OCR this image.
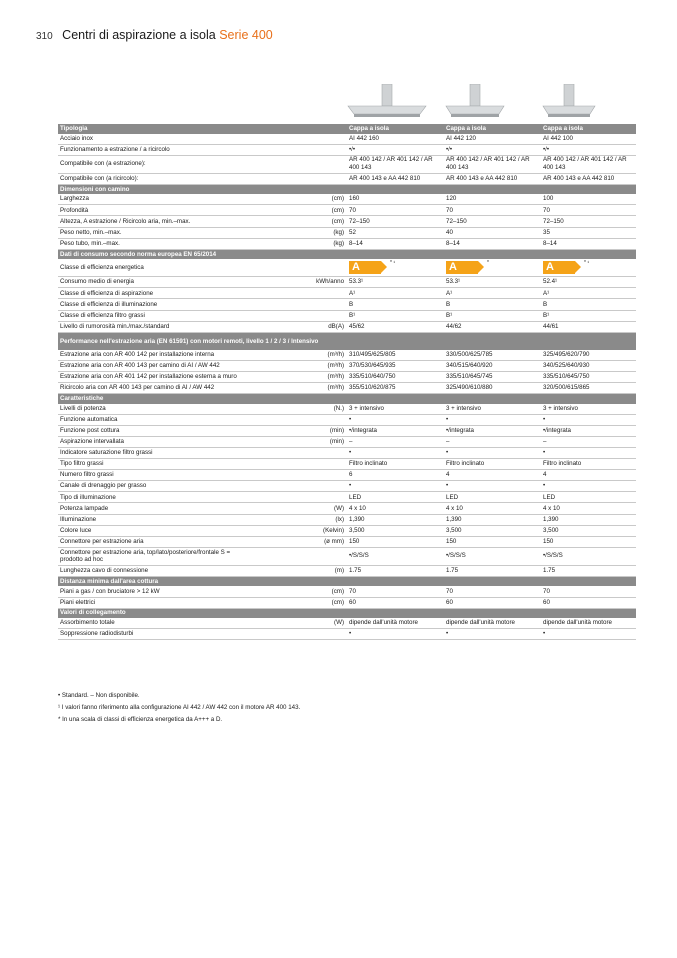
310 Centri di aspirazione a isola Serie 400
Tipologia		Cappa a isola	Cappa a isola	Cappa a isola
Acciaio inox		AI 442 160	AI 442 120	AI 442 100
Funzionamento a estrazione / a ricircolo		•/•	•/•	•/•
Compatibile con (a estrazione):		AR 400 142 / AR 401 142 / AR 400 143	AR 400 142 / AR 401 142 / AR 400 143	AR 400 142 / AR 401 142 / AR 400 143
Compatibile con (a ricircolo):		AR 400 143 e AA 442 810	AR 400 143 e AA 442 810	AR 400 143 e AA 442 810
Dimensioni con camino				
Larghezza	(cm)	160	120	100
Profondità	(cm)	70	70	70
Altezza, A estrazione / Ricircolo aria, min.–max.	(cm)	72–150	72–150	72–150
Peso netto, min.–max.	(kg)	52	40	35
Peso tubo, min.–max.	(kg)	8–14	8–14	8–14
Dati di consumo secondo norma europea EN 65/2014				
Classe di efficienza energetica		A $^{* ^1}$	A *	A $^{* ^1}$
Consumo medio di energia	kWh/anno	53.3¹	53.3¹	52.4¹
Classe di efficienza di aspirazione		A¹	A¹	A¹
Classe di efficienza di illuminazione		B	B	B
Classe di efficienza filtro grassi		B¹	B¹	B¹
Livello di rumorosità min./max./standard	dB(A)	45/62	44/62	44/61
Performance nell'estrazione aria (EN 61591) con motori remoti, livello 1 / 2 / 3 / Intensivo				
Estrazione aria con AR 400 142 per installazione interna	(m³/h)	310/495/625/805	330/500/625/785	325/495/620/790
Estrazione aria con AR 400 143 per camino di AI / AW 442	(m³/h)	370/530/645/935	340/515/640/920	340/525/640/930
Estrazione aria con AR 401 142 per installazione esterna a muro	(m³/h)	335/510/640/750	335/510/645/745	335/510/645/750
Ricircolo aria con AR 400 143 per camino di AI / AW 442	(m³/h)	355/510/620/875	325/490/610/880	320/500/615/865
Caratteristiche				
Livelli di potenza	(N.)	3 + intensivo	3 + intensivo	3 + intensivo
Funzione automatica		•	•	•
Funzione post cottura	(min)	•/integrata	•/integrata	•/integrata
Aspirazione intervallata	(min)	–	–	–
Indicatore saturazione filtro grassi		•	•	•
Tipo filtro grassi		Filtro inclinato	Filtro inclinato	Filtro inclinato
Numero filtro grassi		6	4	4
Canale di drenaggio per grasso		•	•	•
Tipo di illuminazione		LED	LED	LED
Potenza lampade	(W)	4 x 10	4 x 10	4 x 10
Illuminazione	(lx)	1,390	1,390	1,390
Colore luce	(Kelvin)	3,500	3,500	3,500
Connettore per estrazione aria	(ø mm)	150	150	150
Connettore per estrazione aria, top/lato/posteriore/frontale S = prodotto ad hoc		•/S/S/S	•/S/S/S	•/S/S/S
Lunghezza cavo di connessione	(m)	1.75	1.75	1.75
Distanza minima dall'area cottura				
Piani a gas / con bruciatore > 12 kW	(cm)	70	70	70
Piani elettrici	(cm)	60	60	60
Valori di collegamento				
Assorbimento totale	(W)	dipende dall'unità motore	dipende dall'unità motore	dipende dall'unità motore
Soppressione radiodisturbi		•	•	•
• Standard. – Non disponibile.
¹ I valori fanno riferimento alla configurazione AI 442 / AW 442 con il motore AR 400 143.
* In una scala di classi di efficienza energetica da A+++ a D.
